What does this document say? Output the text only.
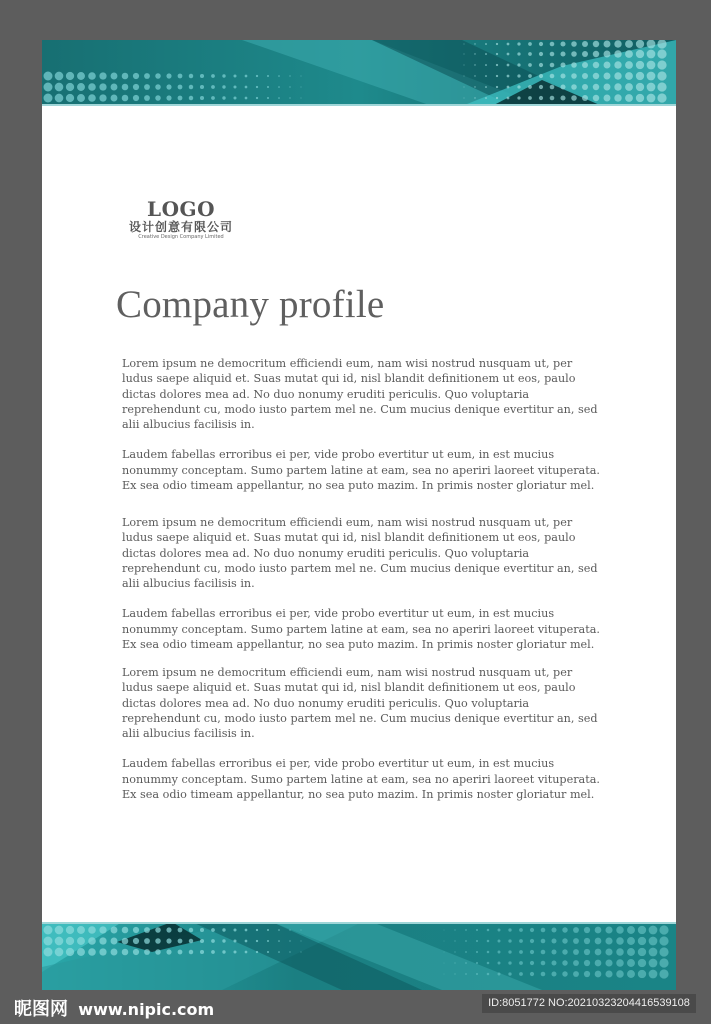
LOGO
设计创意有限公司
Creative Design Company Limited
Company profile

Lorem ipsum ne democritum efficiendi eum, nam wisi nostrud nusquam ut, per ludus saepe aliquid et. Suas mutat qui id, nisl blandit definitionem ut eos, paulo dictas dolores mea ad. No duo nonumy eruditi periculis. Quo voluptaria reprehendunt cu, modo iusto partem mel ne. Cum mucius denique evertitur an, sed alii albucius facilisis in.

Laudem fabellas erroribus ei per, vide probo evertitur ut eum, in est mucius nonummy conceptam. Sumo partem latine at eam, sea no aperiri laoreet vituperata. Ex sea odio timeam appellantur, no sea puto mazim. In primis noster gloriatur mel.

Lorem ipsum ne democritum efficiendi eum, nam wisi nostrud nusquam ut, per ludus saepe aliquid et. Suas mutat qui id, nisl blandit definitionem ut eos, paulo dictas dolores mea ad. No duo nonumy eruditi periculis. Quo voluptaria reprehendunt cu, modo iusto partem mel ne. Cum mucius denique evertitur an, sed alii albucius facilisis in.

Laudem fabellas erroribus ei per, vide probo evertitur ut eum, in est mucius nonummy conceptam. Sumo partem latine at eam, sea no aperiri laoreet vituperata. Ex sea odio timeam appellantur, no sea puto mazim. In primis noster gloriatur mel.

Lorem ipsum ne democritum efficiendi eum, nam wisi nostrud nusquam ut, per ludus saepe aliquid et. Suas mutat qui id, nisl blandit definitionem ut eos, paulo dictas dolores mea ad. No duo nonumy eruditi periculis. Quo voluptaria reprehendunt cu, modo iusto partem mel ne. Cum mucius denique evertitur an, sed alii albucius facilisis in.

Laudem fabellas erroribus ei per, vide probo evertitur ut eum, in est mucius nonummy conceptam. Sumo partem latine at eam, sea no aperiri laoreet vituperata. Ex sea odio timeam appellantur, no sea puto mazim. In primis noster gloriatur mel.

昵图网 www.nipic.com	ID:8051772 NO:20210323204416539108
